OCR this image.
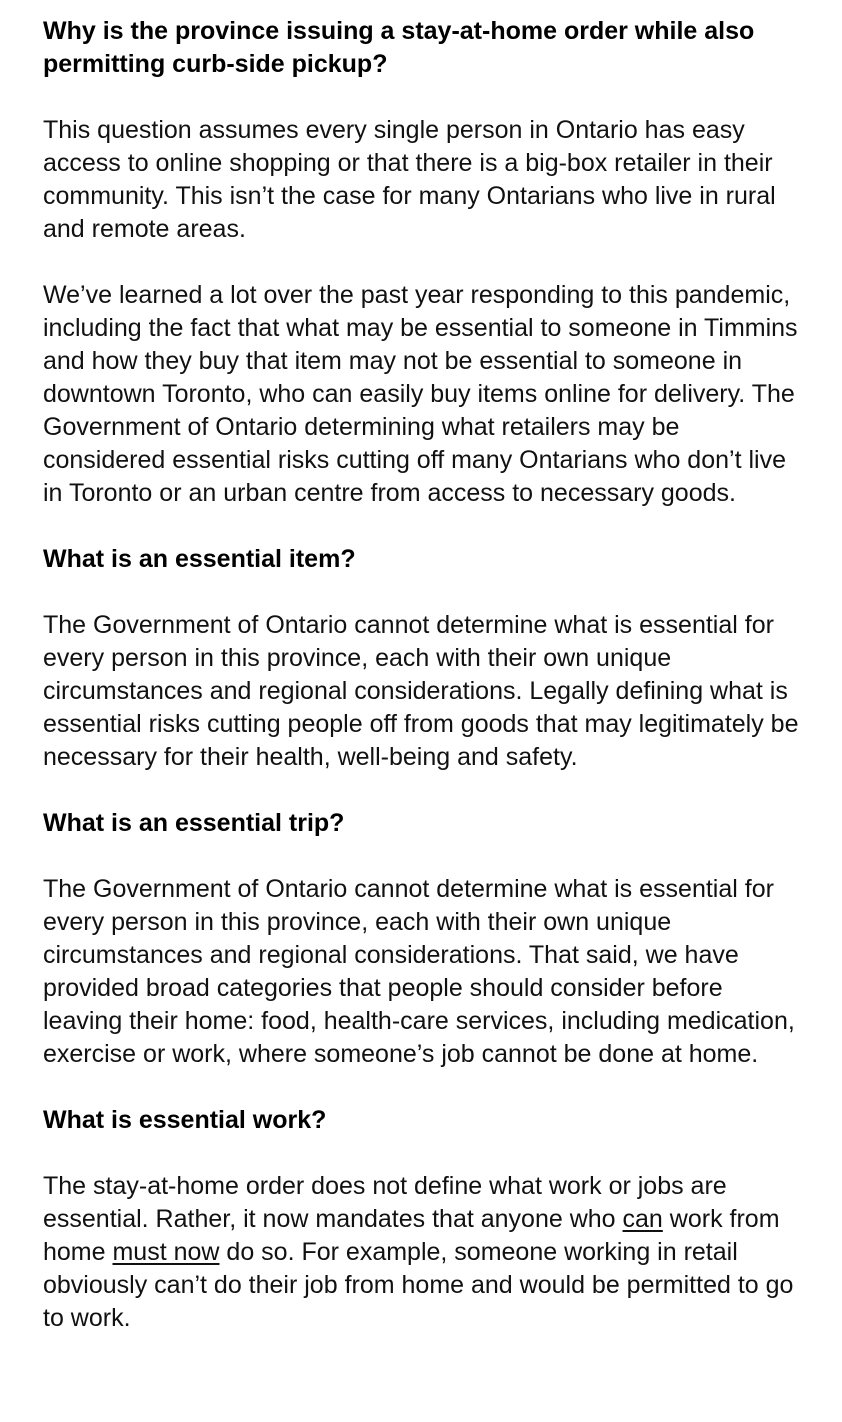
Why is the province issuing a stay-at-home order while also permitting curb-side pickup?

This question assumes every single person in Ontario has easy access to online shopping or that there is a big-box retailer in their community. This isn’t the case for many Ontarians who live in rural and remote areas.

We’ve learned a lot over the past year responding to this pandemic, including the fact that what may be essential to someone in Timmins and how they buy that item may not be essential to someone in downtown Toronto, who can easily buy items online for delivery. The Government of Ontario determining what retailers may be considered essential risks cutting off many Ontarians who don’t live in Toronto or an urban centre from access to necessary goods.

What is an essential item?

The Government of Ontario cannot determine what is essential for every person in this province, each with their own unique circumstances and regional considerations. Legally defining what is essential risks cutting people off from goods that may legitimately be necessary for their health, well-being and safety.

What is an essential trip?

The Government of Ontario cannot determine what is essential for every person in this province, each with their own unique circumstances and regional considerations. That said, we have provided broad categories that people should consider before leaving their home: food, health-care services, including medication, exercise or work, where someone’s job cannot be done at home.

What is essential work?

The stay-at-home order does not define what work or jobs are essential. Rather, it now mandates that anyone who can work from home must now do so. For example, someone working in retail obviously can’t do their job from home and would be permitted to go to work.
